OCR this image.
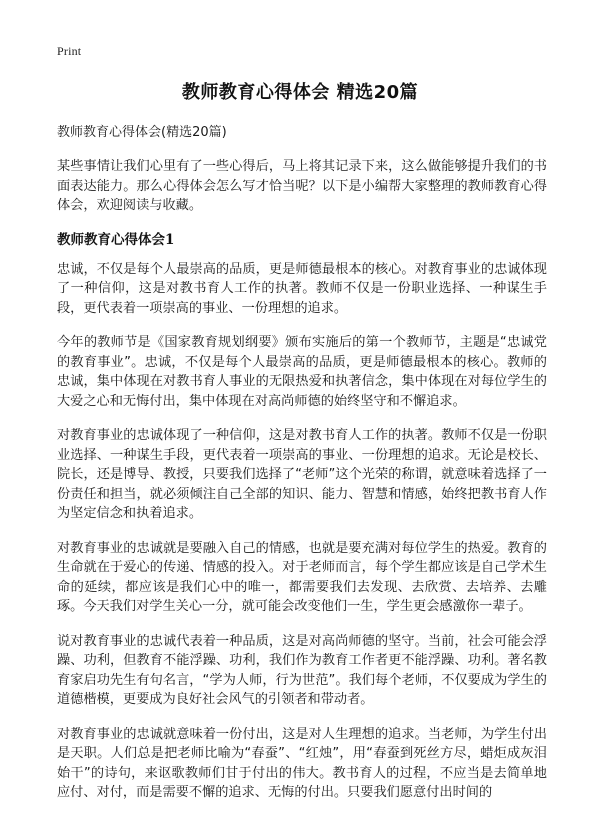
Print
教师教育心得体会 精选20篇

教师教育心得体会(精选20篇)

某些事情让我们心里有了一些心得后，马上将其记录下来，这么做能够提升我们的书面表达能力。那么心得体会怎么写才恰当呢？以下是小编帮大家整理的教师教育心得体会，欢迎阅读与收藏。

教师教育心得体会1

忠诚，不仅是每个人最崇高的品质，更是师德最根本的核心。对教育事业的忠诚体现了一种信仰，这是对教书育人工作的执著。教师不仅是一份职业选择、一种谋生手段，更代表着一项崇高的事业、一份理想的追求。

今年的教师节是《国家教育规划纲要》颁布实施后的第一个教师节，主题是“忠诚党的教育事业”。忠诚，不仅是每个人最崇高的品质，更是师德最根本的核心。教师的忠诚，集中体现在对教书育人事业的无限热爱和执著信念，集中体现在对每位学生的大爱之心和无悔付出，集中体现在对高尚师德的始终坚守和不懈追求。

对教育事业的忠诚体现了一种信仰，这是对教书育人工作的执著。教师不仅是一份职业选择、一种谋生手段，更代表着一项崇高的事业、一份理想的追求。无论是校长、院长，还是博导、教授，只要我们选择了“老师”这个光荣的称谓，就意味着选择了一份责任和担当，就必须倾注自己全部的知识、能力、智慧和情感，始终把教书育人作为坚定信念和执着追求。

对教育事业的忠诚就是要融入自己的情感，也就是要充满对每位学生的热爱。教育的生命就在于爱心的传递、情感的投入。对于老师而言，每个学生都应该是自己学术生命的延续，都应该是我们心中的唯一，都需要我们去发现、去欣赏、去培养、去雕琢。今天我们对学生关心一分，就可能会改变他们一生，学生更会感激你一辈子。

说对教育事业的忠诚代表着一种品质，这是对高尚师德的坚守。当前，社会可能会浮躁、功利，但教育不能浮躁、功利，我们作为教育工作者更不能浮躁、功利。著名教育家启功先生有句名言，“学为人师，行为世范”。我们每个老师，不仅要成为学生的道德楷模，更要成为良好社会风气的引领者和带动者。

对教育事业的忠诚就意味着一份付出，这是对人生理想的追求。当老师，为学生付出是天职。人们总是把老师比喻为“春蚕”、“红烛”，用“春蚕到死丝方尽，蜡炬成灰泪始干”的诗句，来讴歌教师们甘于付出的伟大。教书育人的过程，不应当是去简单地应付、对付，而是需要不懈的追求、无悔的付出。只要我们愿意付出时间的
